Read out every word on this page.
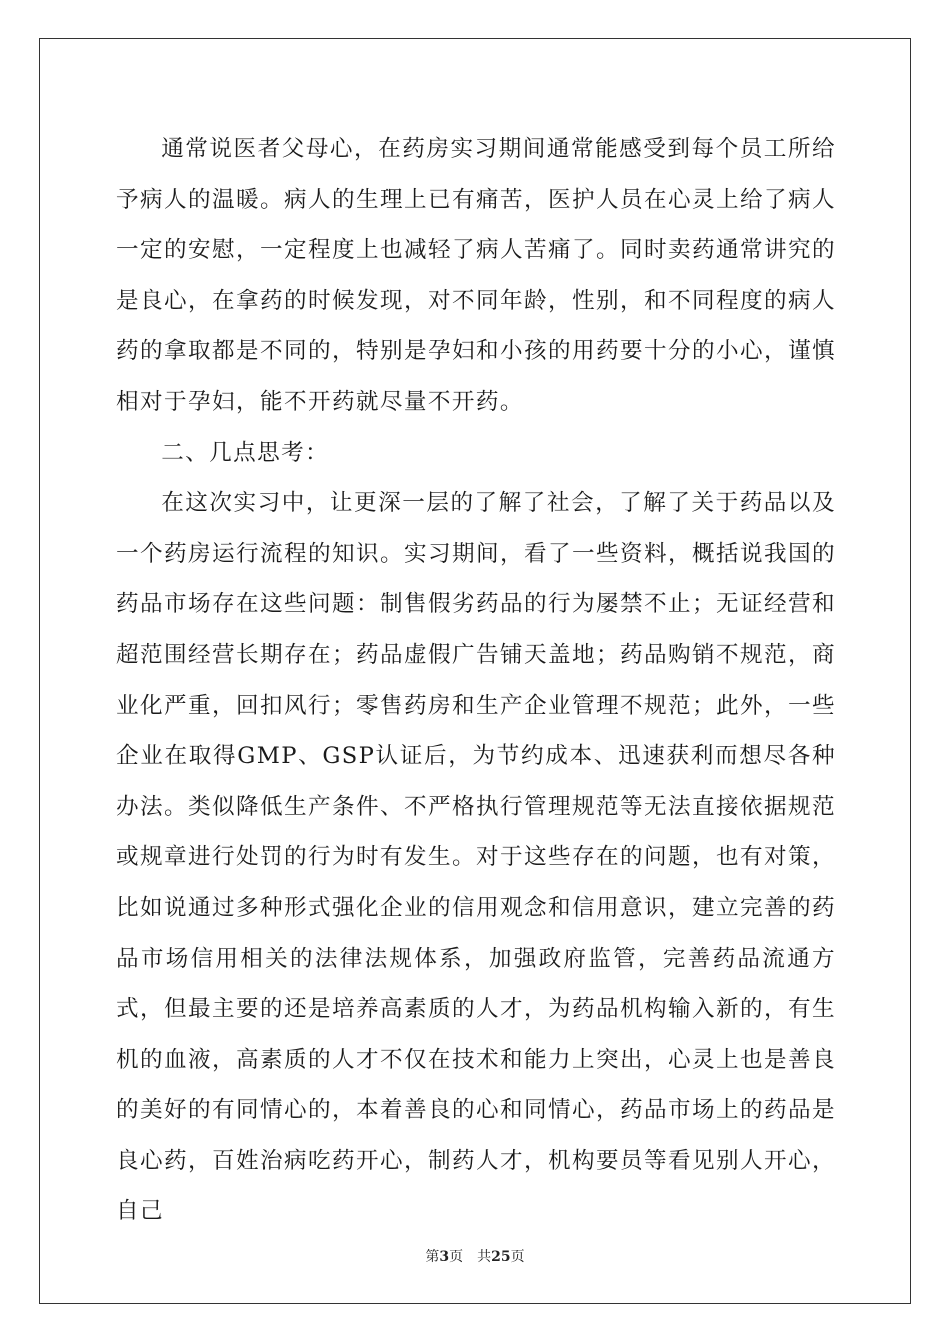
通常说医者父母心，在药房实习期间通常能感受到每个员工所给予病人的温暖。病人的生理上已有痛苦，医护人员在心灵上给了病人一定的安慰，一定程度上也减轻了病人苦痛了。同时卖药通常讲究的是良心，在拿药的时候发现，对不同年龄，性别，和不同程度的病人药的拿取都是不同的，特别是孕妇和小孩的用药要十分的小心，谨慎相对于孕妇，能不开药就尽量不开药。

二、几点思考：

在这次实习中，让更深一层的了解了社会，了解了关于药品以及一个药房运行流程的知识。实习期间，看了一些资料，概括说我国的药品市场存在这些问题：制售假劣药品的行为屡禁不止；无证经营和超范围经营长期存在；药品虚假广告铺天盖地；药品购销不规范，商业化严重，回扣风行；零售药房和生产企业管理不规范；此外，一些企业在取得GMP、GSP认证后，为节约成本、迅速获利而想尽各种办法。类似降低生产条件、不严格执行管理规范等无法直接依据规范或规章进行处罚的行为时有发生。对于这些存在的问题，也有对策，比如说通过多种形式强化企业的信用观念和信用意识，建立完善的药品市场信用相关的法律法规体系，加强政府监管，完善药品流通方式，但最主要的还是培养高素质的人才，为药品机构输入新的，有生机的血液，高素质的人才不仅在技术和能力上突出，心灵上也是善良的美好的有同情心的，本着善良的心和同情心，药品市场上的药品是良心药，百姓治病吃药开心，制药人才，机构要员等看见别人开心，自己

第3页 共25页
